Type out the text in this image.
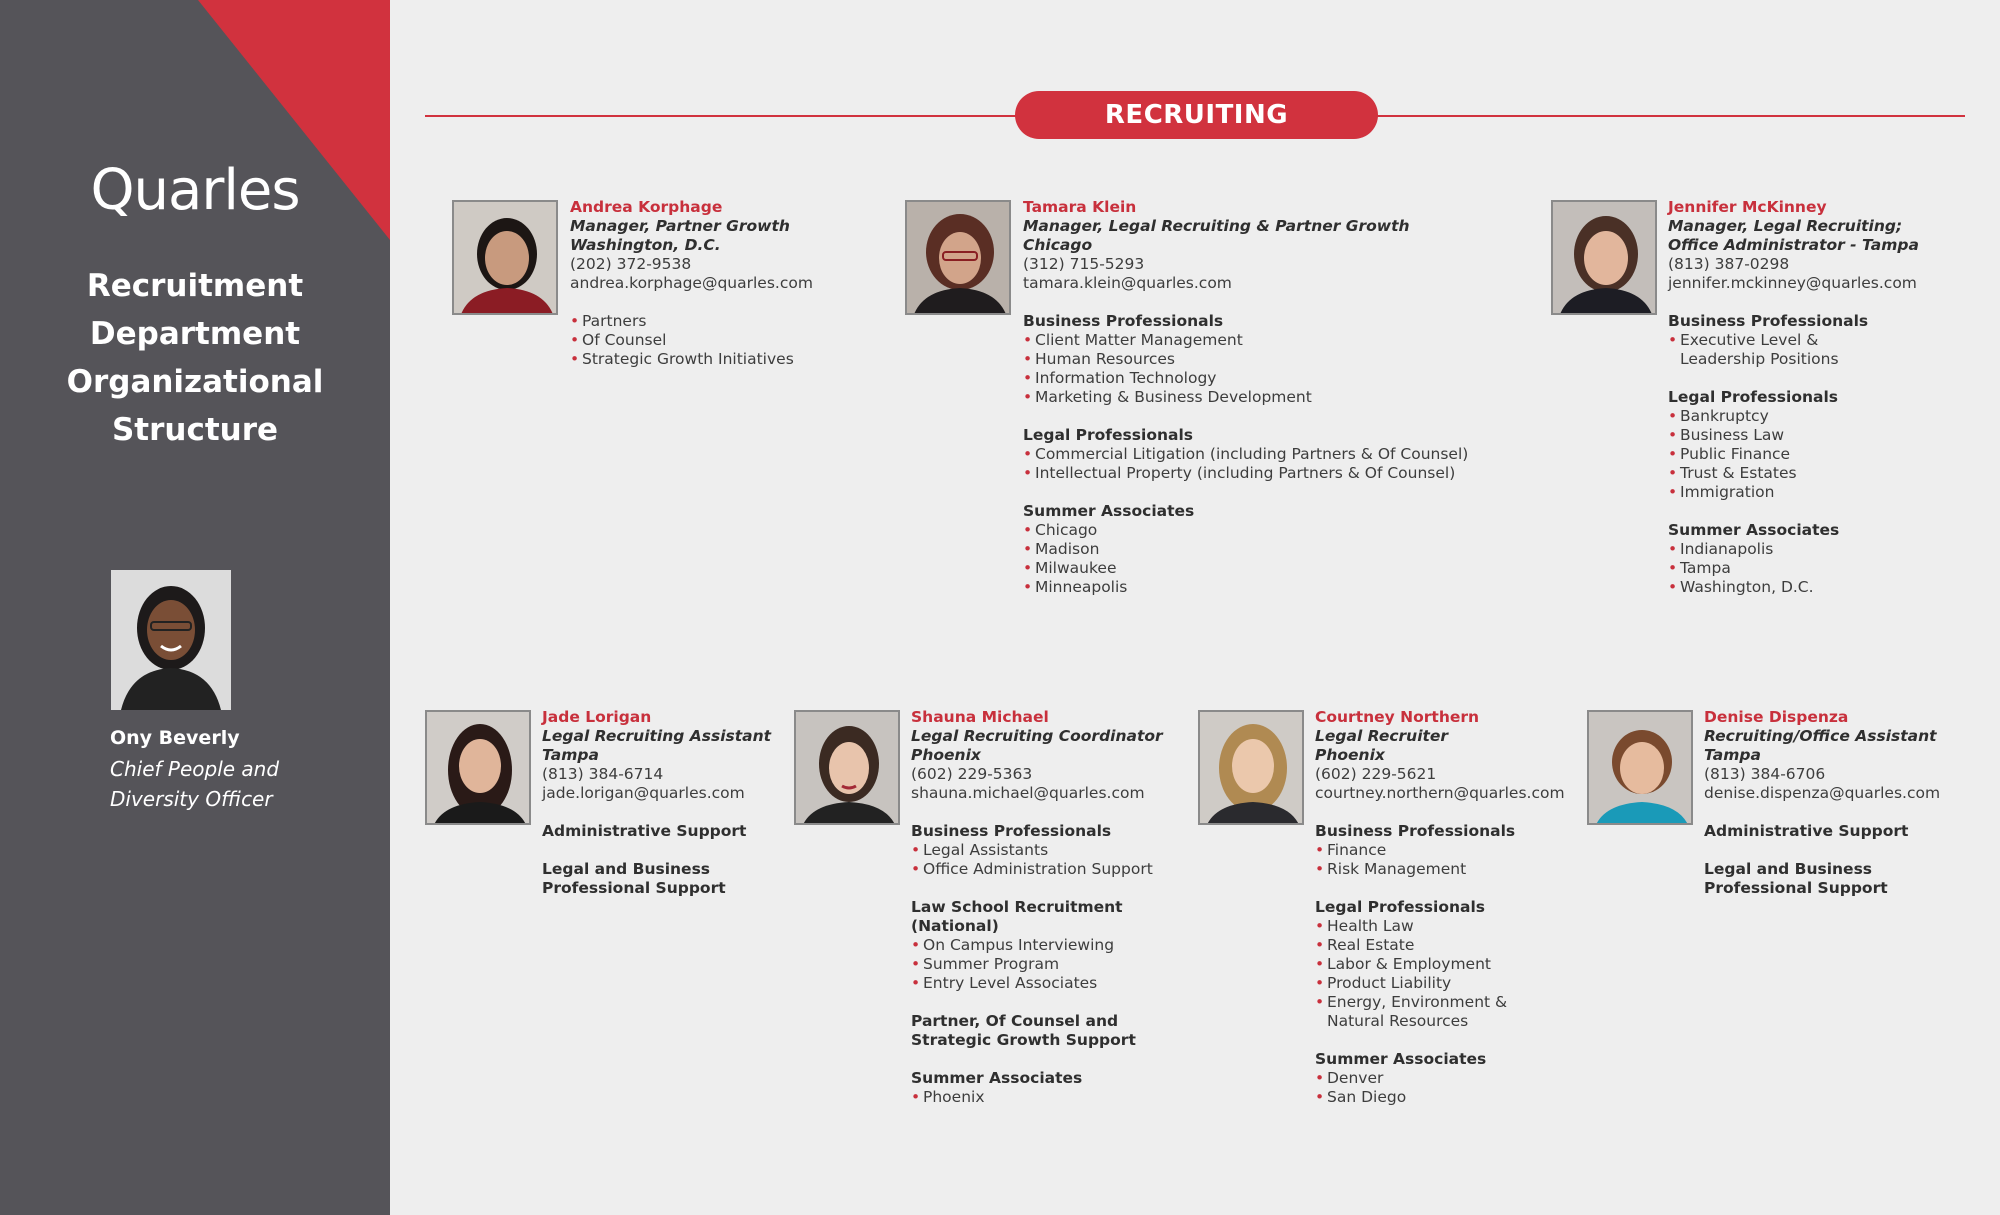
Quarles
Recruitment
Department
Organizational
Structure
Ony Beverly
Chief People and Diversity Officer
RECRUITING
Andrea Korphage
Manager, Partner Growth
Washington, D.C.
(202) 372-9538
andrea.korphage@quarles.com
• Partners
• Of Counsel
• Strategic Growth Initiatives
Tamara Klein
Manager, Legal Recruiting & Partner Growth
Chicago
(312) 715-5293
tamara.klein@quarles.com
Business Professionals
• Client Matter Management
• Human Resources
• Information Technology
• Marketing & Business Development
Legal Professionals
• Commercial Litigation (including Partners & Of Counsel)
• Intellectual Property (including Partners & Of Counsel)
Summer Associates
• Chicago
• Madison
• Milwaukee
• Minneapolis
Jennifer McKinney
Manager, Legal Recruiting;
Office Administrator - Tampa
(813) 387-0298
jennifer.mckinney@quarles.com
Business Professionals
• Executive Level & Leadership Positions
Legal Professionals
• Bankruptcy
• Business Law
• Public Finance
• Trust & Estates
• Immigration
Summer Associates
• Indianapolis
• Tampa
• Washington, D.C.
Jade Lorigan
Legal Recruiting Assistant
Tampa
(813) 384-6714
jade.lorigan@quarles.com
Administrative Support
Legal and Business Professional Support
Shauna Michael
Legal Recruiting Coordinator
Phoenix
(602) 229-5363
shauna.michael@quarles.com
Business Professionals
• Legal Assistants
• Office Administration Support
Law School Recruitment (National)
• On Campus Interviewing
• Summer Program
• Entry Level Associates
Partner, Of Counsel and Strategic Growth Support
Summer Associates
• Phoenix
Courtney Northern
Legal Recruiter
Phoenix
(602) 229-5621
courtney.northern@quarles.com
Business Professionals
• Finance
• Risk Management
Legal Professionals
• Health Law
• Real Estate
• Labor & Employment
• Product Liability
• Energy, Environment & Natural Resources
Summer Associates
• Denver
• San Diego
Denise Dispenza
Recruiting/Office Assistant
Tampa
(813) 384-6706
denise.dispenza@quarles.com
Administrative Support
Legal and Business Professional Support
